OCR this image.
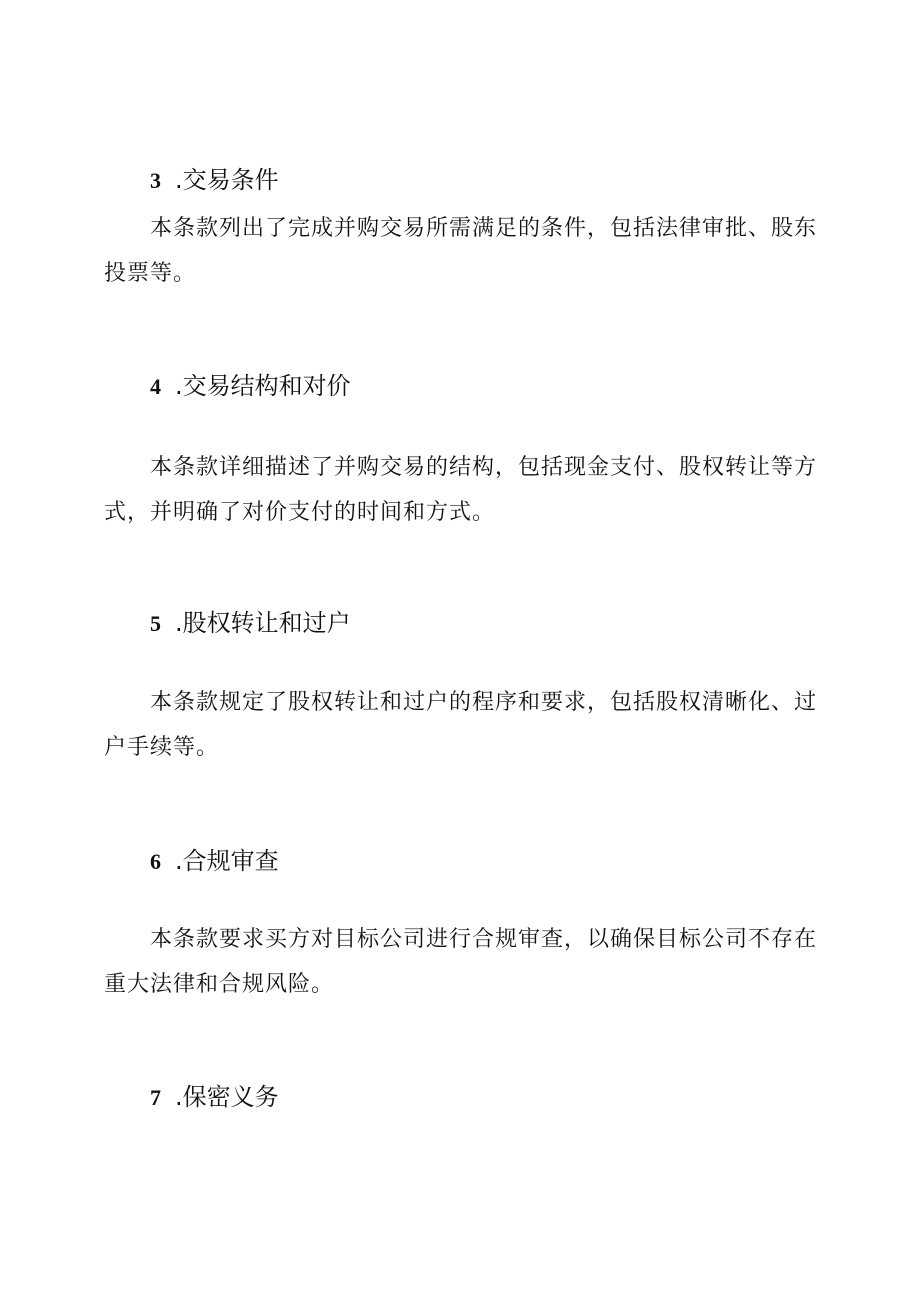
3 .交易条件
本条款列出了完成并购交易所需满足的条件，包括法律审批、股东投票等。
4 .交易结构和对价
本条款详细描述了并购交易的结构，包括现金支付、股权转让等方式，并明确了对价支付的时间和方式。
5 .股权转让和过户
本条款规定了股权转让和过户的程序和要求，包括股权清晰化、过户手续等。
6 .合规审查
本条款要求买方对目标公司进行合规审查，以确保目标公司不存在重大法律和合规风险。
7 .保密义务
